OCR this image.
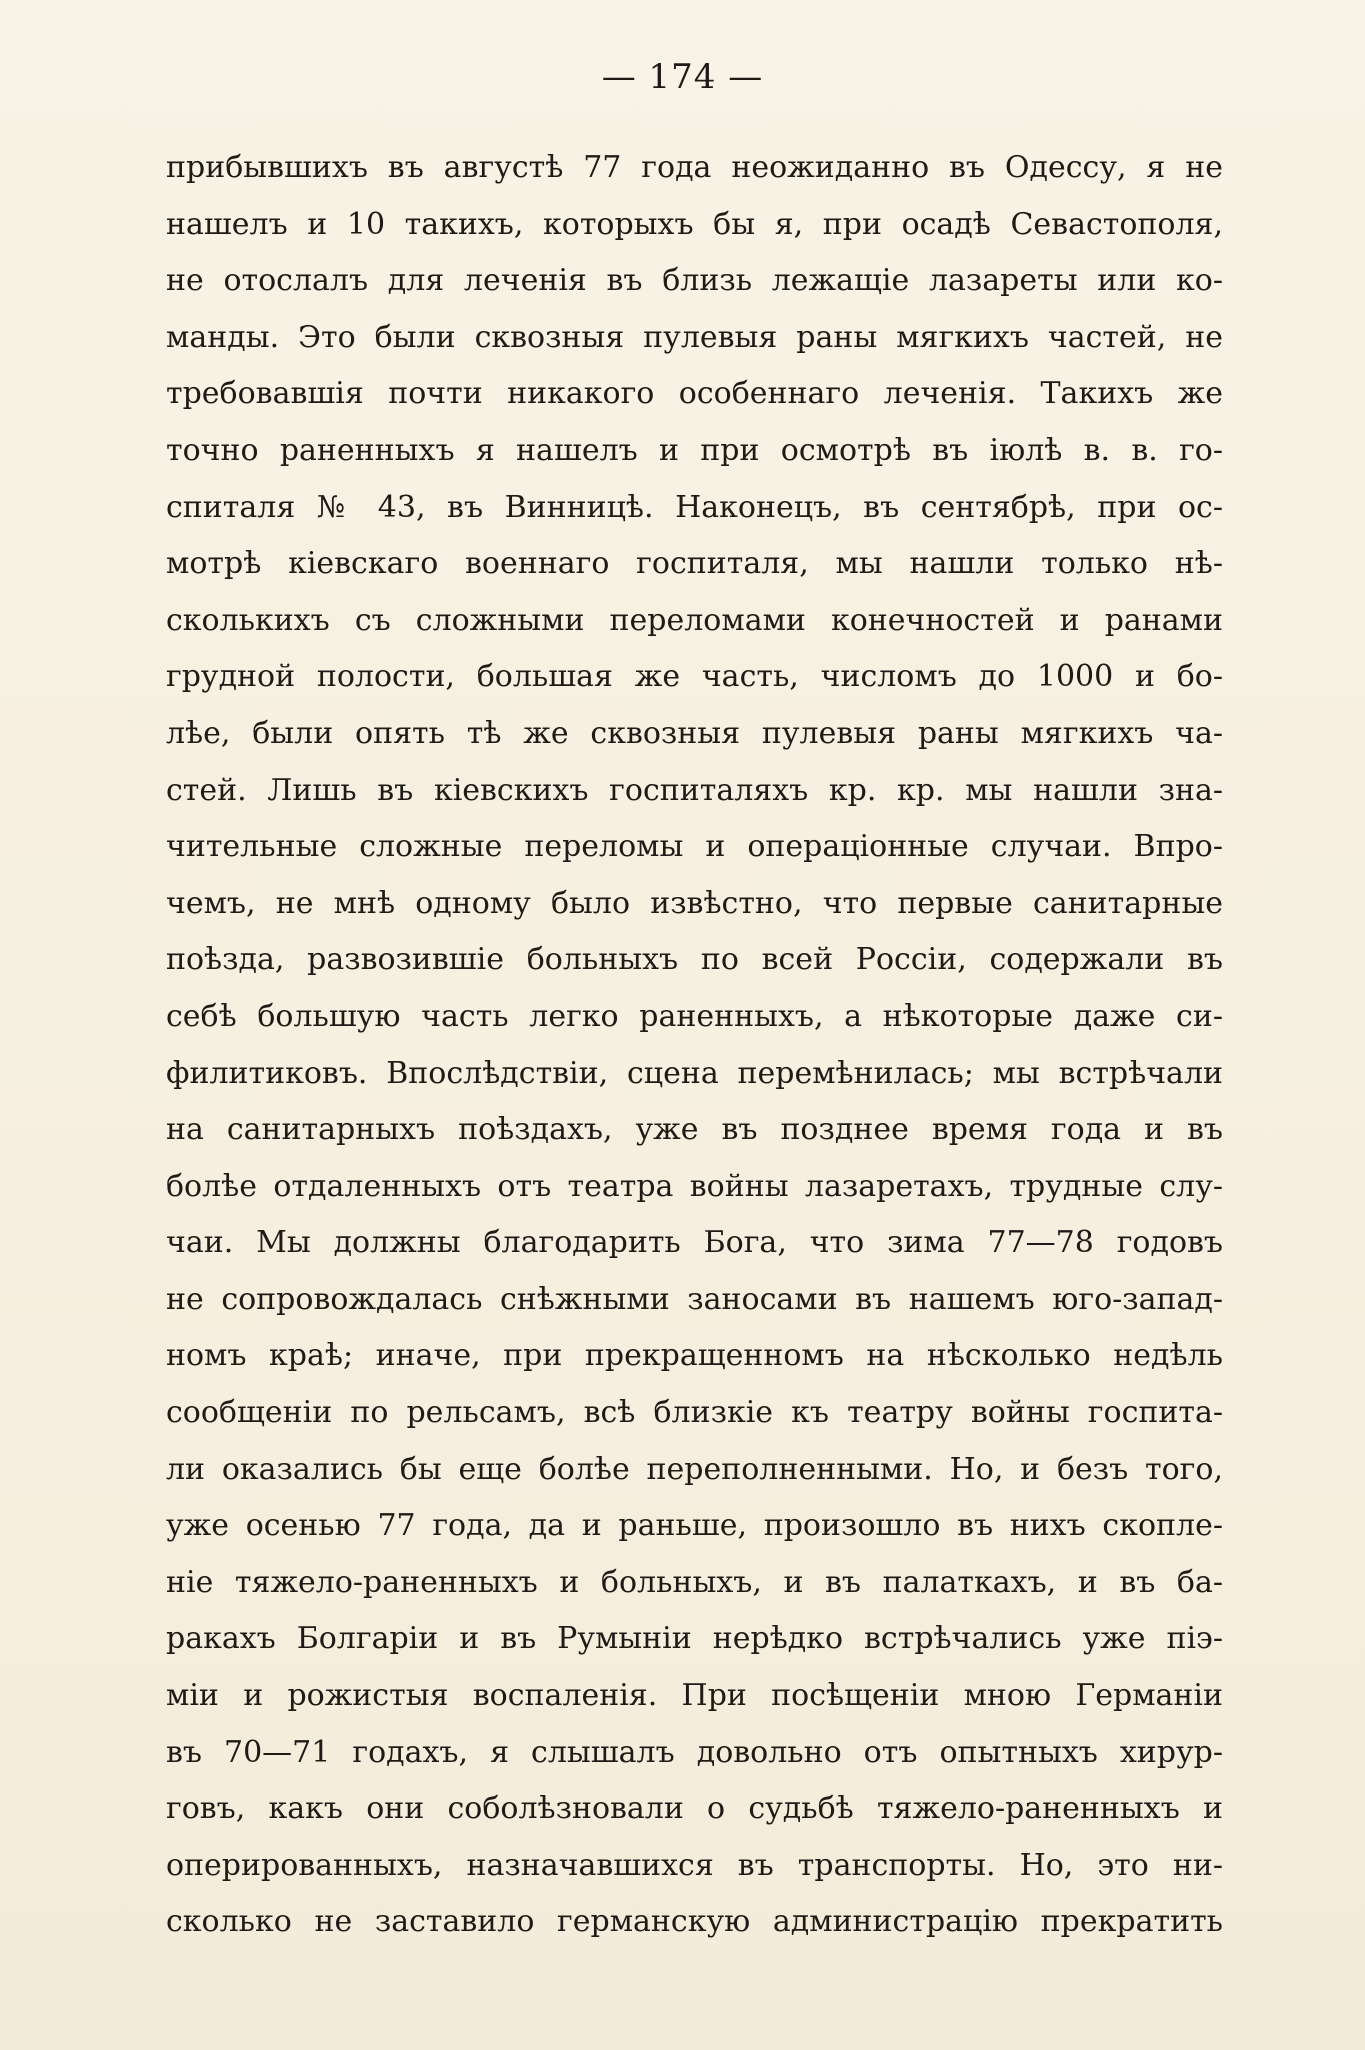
— 174 —
прибывшихъ въ августѣ 77 года неожиданно въ Одессу, я не
нашелъ и 10 такихъ, которыхъ бы я, при осадѣ Севастополя,
не отослалъ для леченія въ близь лежащіе лазареты или ко-
манды. Это были сквозныя пулевыя раны мягкихъ частей, не
требовавшія почти никакого особеннаго леченія. Такихъ же
точно раненныхъ я нашелъ и при осмотрѣ въ іюлѣ в. в. го-
спиталя № 43, въ Винницѣ. Наконецъ, въ сентябрѣ, при ос-
мотрѣ кіевскаго военнаго госпиталя, мы нашли только нѣ-
сколькихъ съ сложными переломами конечностей и ранами
грудной полости, большая же часть, числомъ до 1000 и бо-
лѣе, были опять тѣ же сквозныя пулевыя раны мягкихъ ча-
стей. Лишь въ кіевскихъ госпиталяхъ кр. кр. мы нашли зна-
чительные сложные переломы и операціонные случаи. Впро-
чемъ, не мнѣ одному было извѣстно, что первые санитарные
поѣзда, развозившіе больныхъ по всей Россіи, содержали въ
себѣ большую часть легко раненныхъ, а нѣкоторые даже си-
филитиковъ. Впослѣдствіи, сцена перемѣнилась; мы встрѣчали
на санитарныхъ поѣздахъ, уже въ позднее время года и въ
болѣе отдаленныхъ отъ театра войны лазаретахъ, трудные слу-
чаи. Мы должны благодарить Бога, что зима 77—78 годовъ
не сопровождалась снѣжными заносами въ нашемъ юго-запад-
номъ краѣ; иначе, при прекращенномъ на нѣсколько недѣль
сообщеніи по рельсамъ, всѣ близкіе къ театру войны госпита-
ли оказались бы еще болѣе переполненными. Но, и безъ того,
уже осенью 77 года, да и раньше, произошло въ нихъ скопле-
ніе тяжело-раненныхъ и больныхъ, и въ палаткахъ, и въ ба-
ракахъ Болгаріи и въ Румыніи нерѣдко встрѣчались уже пiэ-
міи и рожистыя воспаленія. При посѣщеніи мною Германіи
въ 70—71 годахъ, я слышалъ довольно отъ опытныхъ хирур-
говъ, какъ они соболѣзновали о судьбѣ тяжело-раненныхъ и
оперированныхъ, назначавшихся въ транспорты. Но, это ни-
сколько не заставило германскую администрацію прекратить
